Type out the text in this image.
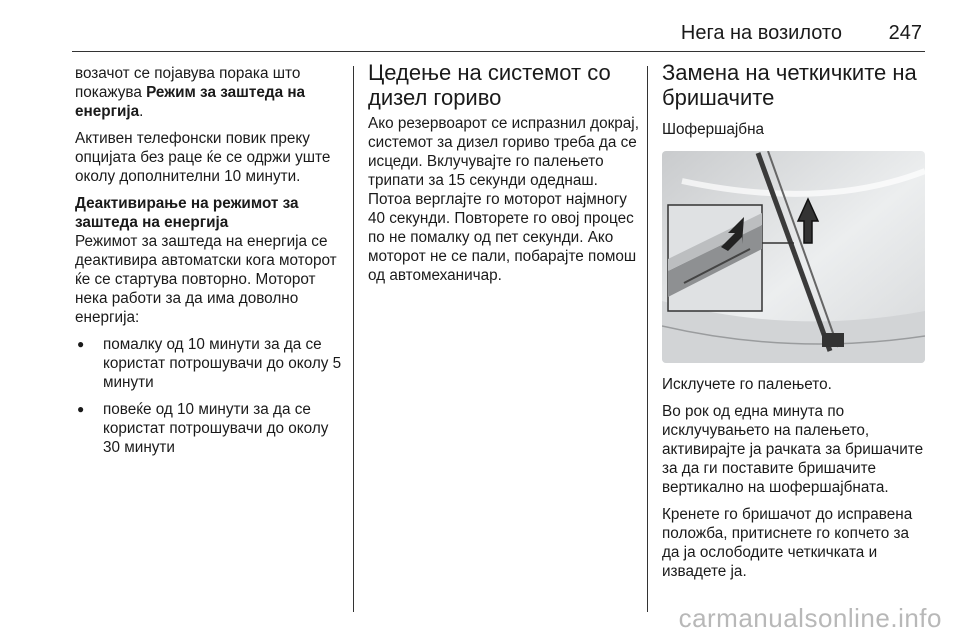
Нега на возилото 247

возачот се појавува порака што покажува Режим за заштеда на енергија.

Активен телефонски повик преку опцијата без раце ќе се одржи уште околу дополнителни 10 минути.

Деактивирање на режимот за заштеда на енергија

Режимот за заштеда на енергија се деактивира автоматски кога моторот ќе се стартува повторно. Моторот нека работи за да има доволно енергија:

● помалку од 10 минути за да се користат потрошувачи до околу 5 минути
● повеќе од 10 минути за да се користат потрошувачи до околу 30 минути
Цедење на системот со дизел гориво

Ако резервоарот се испразнил докрај, системот за дизел гориво треба да се исцеди. Вклучувајте го палењето трипати за 15 секунди одеднаш. Потоа верглајте го моторот најмногу 40 секунди. Повторете го овој процес по не помалку од пет секунди. Ако моторот не се пали, побарајте помош од автомеханичар.

Замена на четкичките на бришачите
Шофершајбна

Исклучете го палењето.

Во рок од една минута по исклучувањето на палењето, активирајте ја рачката за бришачите за да ги поставите бришачите вертикално на шофершајбната.

Кренете го бришачот до исправена положба, притиснете го копчето за да ја ослободите четкичката и извадете ја.

carmanualsonline.info
